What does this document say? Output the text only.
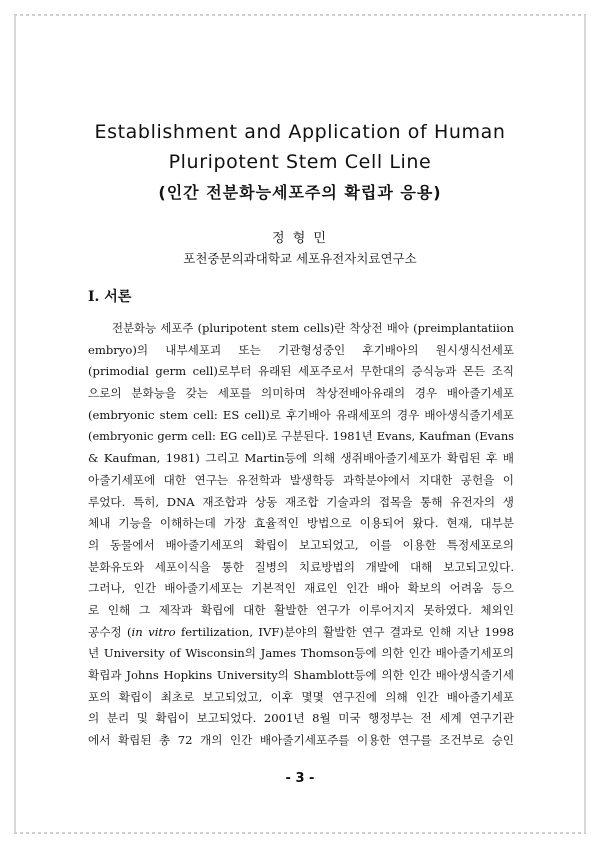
Establishment and Application of Human
Pluripotent Stem Cell Line
(인간 전분화능세포주의 확립과 응용)
정 형 민
포천중문의과대학교 세포유전자치료연구소
I. 서론
전분화능 세포주 (pluripotent stem cells)란 착상전 배아 (preimplantatiion
embryo)의 내부세포괴 또는 기관형성중인 후기배아의 원시생식선세포
(primodial germ cell)로부터 유래된 세포주로서 무한대의 증식능과 몬든 조직
으로의 분화능을 갖는 세포를 의미하며 착상전배아유래의 경우 배아줄기세포
(embryonic stem cell: ES cell)로 후기배아 유래세포의 경우 배아생식줄기세포
(embryonic germ cell: EG cell)로 구분된다. 1981년 Evans, Kaufman (Evans
& Kaufman, 1981) 그리고 Martin등에 의해 생쥐배아줄기세포가 확립된 후 배
아줄기세포에 대한 연구는 유전학과 발생학등 과학분야에서 지대한 공헌을 이
루었다. 특히, DNA 재조합과 상동 재조합 기술과의 접목을 통해 유전자의 생
체내 기능을 이해하는데 가장 효율적인 방법으로 이용되어 왔다. 현재, 대부분
의 동물에서 배아줄기세포의 확립이 보고되었고, 이를 이용한 특정세포로의
분화유도와 세포이식을 통한 질병의 치료방법의 개발에 대해 보고되고있다.
그러나, 인간 배아줄기세포는 기본적인 재료인 인간 배아 확보의 어려움 등으
로 인해 그 제작과 확립에 대한 활발한 연구가 이루어지지 못하였다. 체외인
공수정 (in vitro fertilization, IVF)분야의 활발한 연구 결과로 인해 지난 1998
년 University of Wisconsin의 James Thomson등에 의한 인간 배아줄기세포의
확립과 Johns Hopkins University의 Shamblott등에 의한 인간 배아생식줄기세
포의 확립이 최초로 보고되었고, 이후 몇몇 연구진에 의해 인간 배아줄기세포
의 분리 및 확립이 보고되었다. 2001년 8월 미국 행정부는 전 세계 연구기관
에서 확립된 총 72 개의 인간 배아줄기세포주를 이용한 연구를 조건부로 승인
- 3 -
